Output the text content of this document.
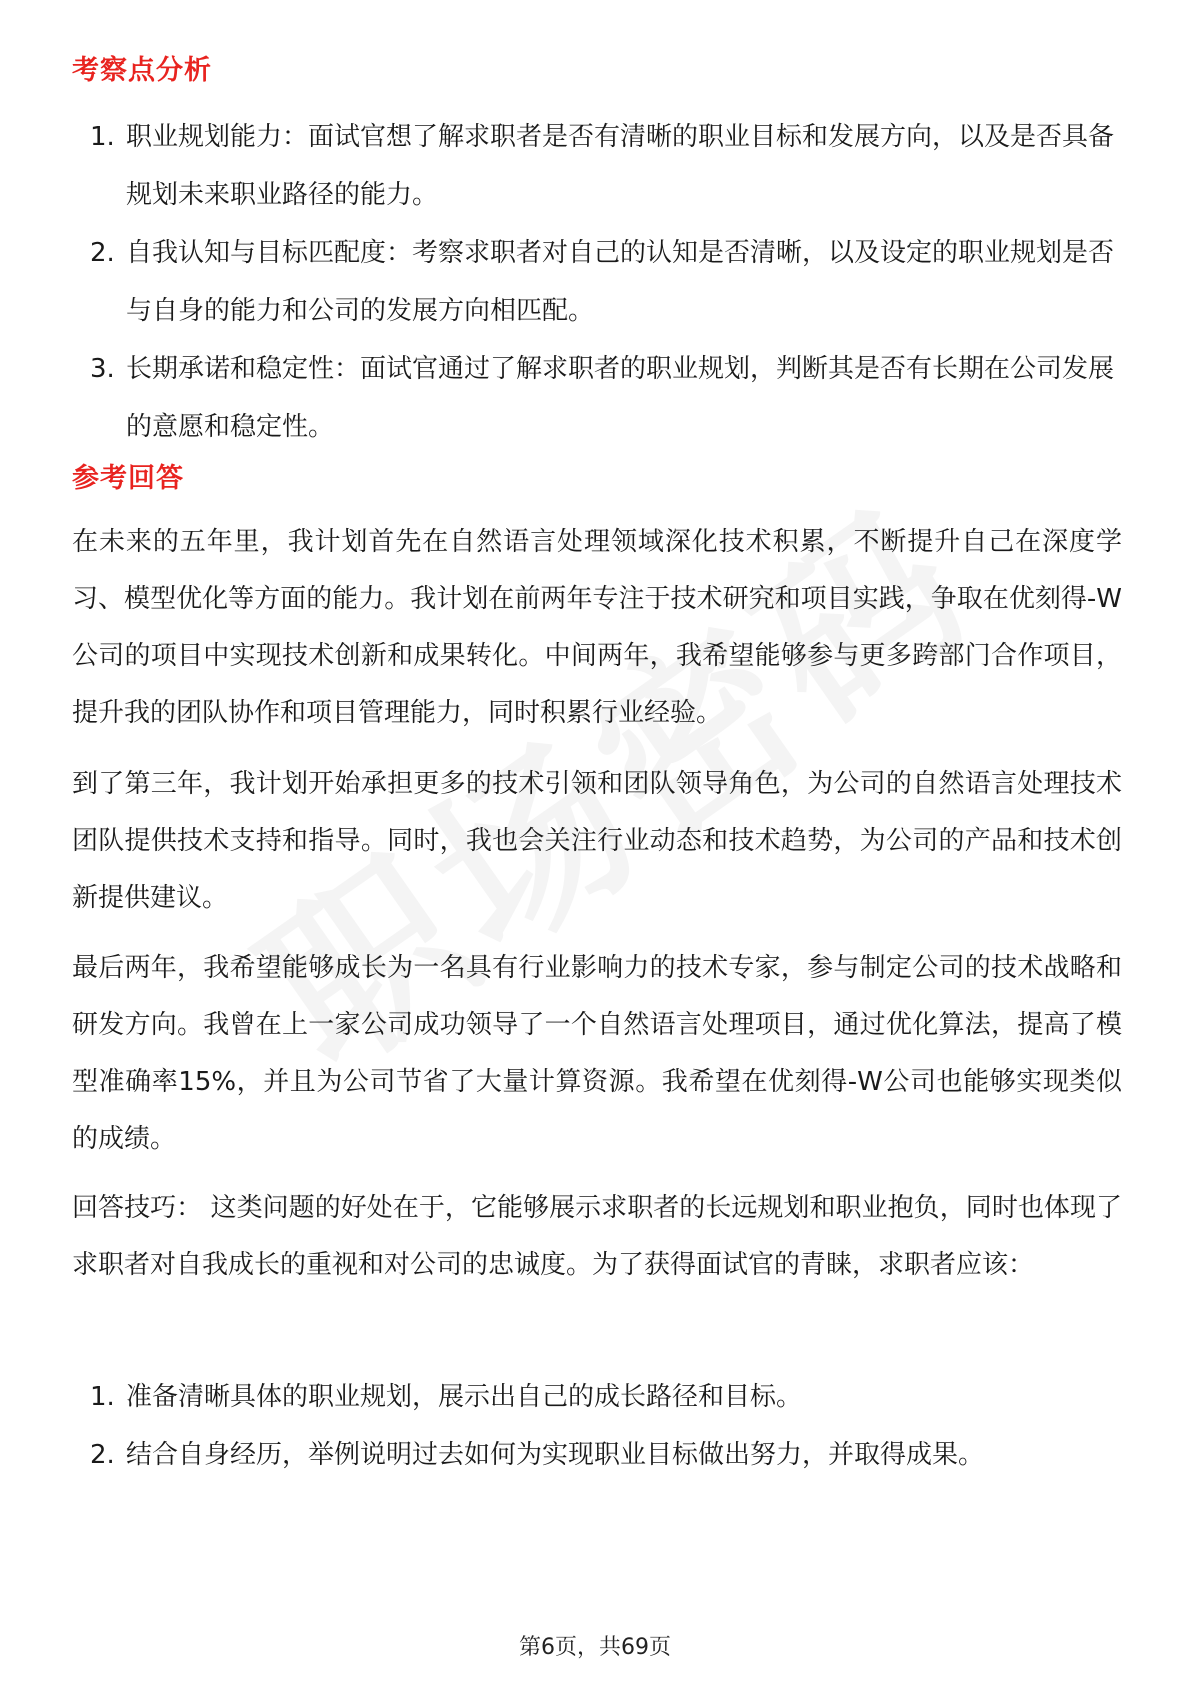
考察点分析
1. 职业规划能力：面试官想了解求职者是否有清晰的职业目标和发展方向，以及是否具备规划未来职业路径的能力。
2. 自我认知与目标匹配度：考察求职者对自己的认知是否清晰，以及设定的职业规划是否与自身的能力和公司的发展方向相匹配。
3. 长期承诺和稳定性：面试官通过了解求职者的职业规划，判断其是否有长期在公司发展的意愿和稳定性。
参考回答
在未来的五年里，我计划首先在自然语言处理领域深化技术积累，不断提升自己在深度学习、模型优化等方面的能力。我计划在前两年专注于技术研究和项目实践，争取在优刻得-W公司的项目中实现技术创新和成果转化。中间两年，我希望能够参与更多跨部门合作项目，提升我的团队协作和项目管理能力，同时积累行业经验。
到了第三年，我计划开始承担更多的技术引领和团队领导角色，为公司的自然语言处理技术团队提供技术支持和指导。同时，我也会关注行业动态和技术趋势，为公司的产品和技术创新提供建议。
最后两年，我希望能够成长为一名具有行业影响力的技术专家，参与制定公司的技术战略和研发方向。我曾在上一家公司成功领导了一个自然语言处理项目，通过优化算法，提高了模型准确率15%，并且为公司节省了大量计算资源。我希望在优刻得-W公司也能够实现类似的成绩。
回答技巧： 这类问题的好处在于，它能够展示求职者的长远规划和职业抱负，同时也体现了求职者对自我成长的重视和对公司的忠诚度。为了获得面试官的青睐，求职者应该：
1. 准备清晰具体的职业规划，展示出自己的成长路径和目标。
2. 结合自身经历，举例说明过去如何为实现职业目标做出努力，并取得成果。
第6页，共69页
